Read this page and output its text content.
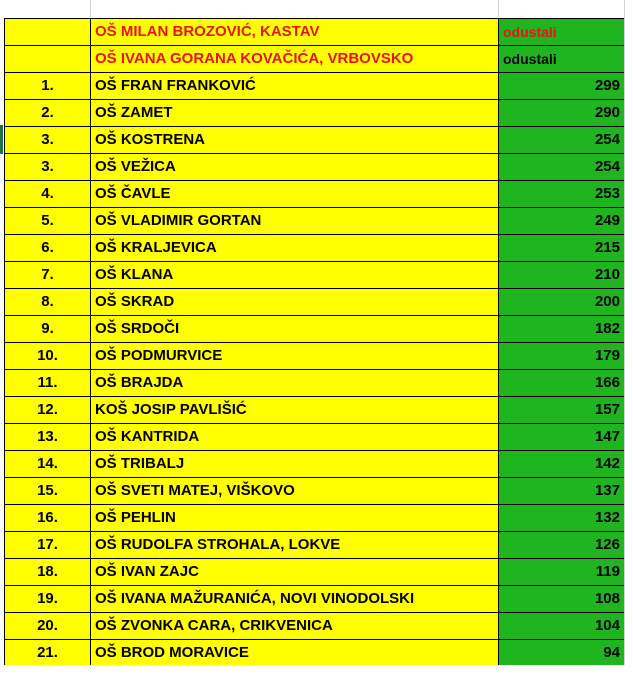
	OŠ MILAN BROZOVIĆ, KASTAV	odustali
	OŠ IVANA GORANA KOVAČIĆA, VRBOVSKO	odustali
1.	OŠ FRAN FRANKOVIĆ	299
2.	OŠ ZAMET	290
3.	OŠ KOSTRENA	254
3.	OŠ VEŽICA	254
4.	OŠ ČAVLE	253
5.	OŠ VLADIMIR GORTAN	249
6.	OŠ KRALJEVICA	215
7.	OŠ KLANA	210
8.	OŠ SKRAD	200
9.	OŠ SRDOČI	182
10.	OŠ PODMURVICE	179
11.	OŠ BRAJDA	166
12.	KOŠ JOSIP PAVLIŠIĆ	157
13.	OŠ KANTRIDA	147
14.	OŠ TRIBALJ	142
15.	OŠ SVETI MATEJ, VIŠKOVO	137
16.	OŠ PEHLIN	132
17.	OŠ RUDOLFA STROHALA, LOKVE	126
18.	OŠ IVAN ZAJC	119
19.	OŠ IVANA MAŽURANIĆA, NOVI VINODOLSKI	108
20.	OŠ ZVONKA CARA, CRIKVENICA	104
21.	OŠ BROD MORAVICE	94
